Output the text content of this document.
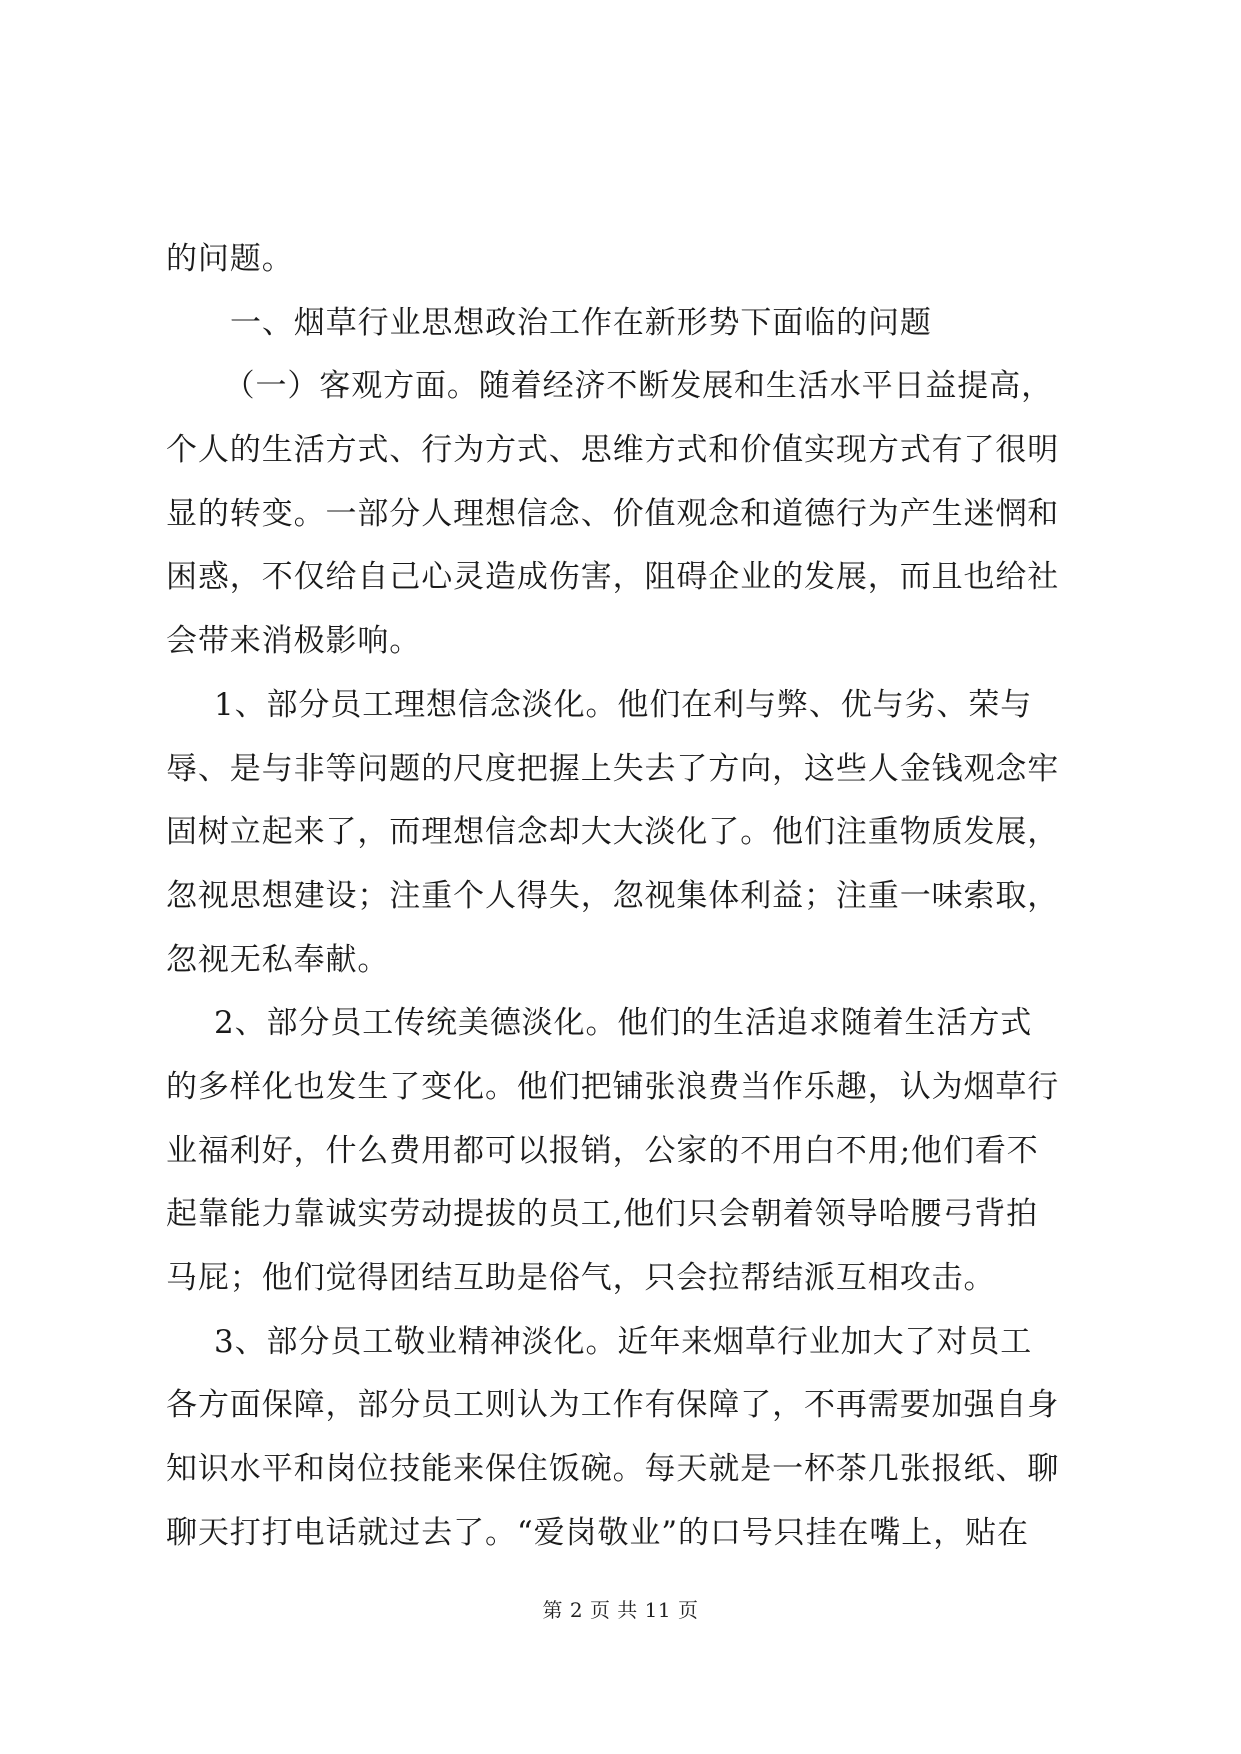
的问题。
一、烟草行业思想政治工作在新形势下面临的问题
（一）客观方面。随着经济不断发展和生活水平日益提高，
个人的生活方式、行为方式、思维方式和价值实现方式有了很明
显的转变。一部分人理想信念、价值观念和道德行为产生迷惘和
困惑，不仅给自己心灵造成伤害，阻碍企业的发展，而且也给社
会带来消极影响。
1、部分员工理想信念淡化。他们在利与弊、优与劣、荣与
辱、是与非等问题的尺度把握上失去了方向，这些人金钱观念牢
固树立起来了，而理想信念却大大淡化了。他们注重物质发展，
忽视思想建设；注重个人得失，忽视集体利益；注重一味索取，
忽视无私奉献。
2、部分员工传统美德淡化。他们的生活追求随着生活方式
的多样化也发生了变化。他们把铺张浪费当作乐趣，认为烟草行
业福利好，什么费用都可以报销，公家的不用白不用;他们看不
起靠能力靠诚实劳动提拔的员工,他们只会朝着领导哈腰弓背拍
马屁；他们觉得团结互助是俗气，只会拉帮结派互相攻击。
3、部分员工敬业精神淡化。近年来烟草行业加大了对员工
各方面保障，部分员工则认为工作有保障了，不再需要加强自身
知识水平和岗位技能来保住饭碗。每天就是一杯茶几张报纸、聊
聊天打打电话就过去了。“爱岗敬业”的口号只挂在嘴上，贴在
第 2 页 共 11 页
